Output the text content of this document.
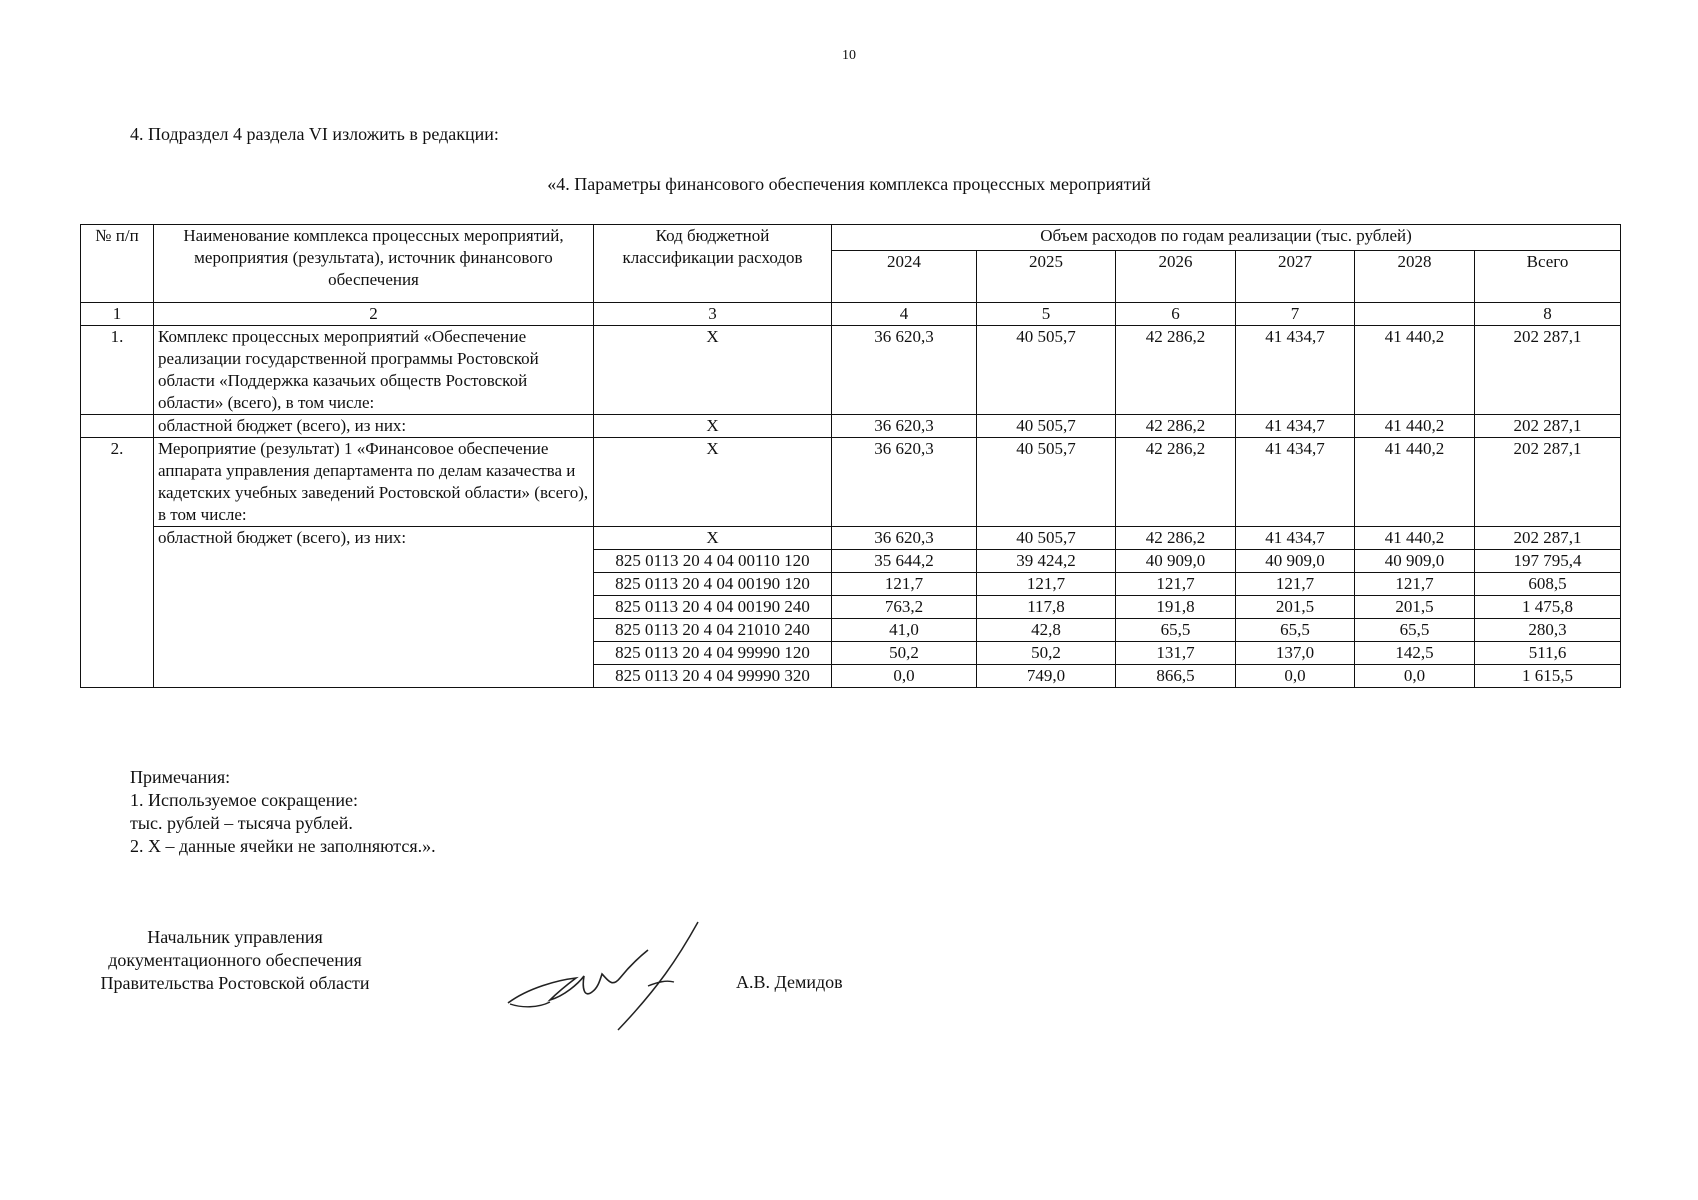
10
4. Подраздел 4 раздела VI изложить в редакции:
«4. Параметры финансового обеспечения комплекса процессных мероприятий
№ п/п	Наименование комплекса процессных мероприятий, мероприятия (результата), источник финансового обеспечения	Код бюджетной классификации расходов	Объем расходов по годам реализации (тыс. рублей)					
			2024	2025	2026	2027	2028	Всего
1	2	3	4	5	6	7		8
1.	Комплекс процессных мероприятий «Обеспечение реализации государственной программы Ростовской области «Поддержка казачьих обществ Ростовской области» (всего), в том числе:	X	36 620,3	40 505,7	42 286,2	41 434,7	41 440,2	202 287,1
	областной бюджет (всего), из них:	X	36 620,3	40 505,7	42 286,2	41 434,7	41 440,2	202 287,1
2.	Мероприятие (результат) 1 «Финансовое обеспечение аппарата управления департамента по делам казачества и кадетских учебных заведений Ростовской области» (всего), в том числе:	X	36 620,3	40 505,7	42 286,2	41 434,7	41 440,2	202 287,1
	областной бюджет (всего), из них:	X	36 620,3	40 505,7	42 286,2	41 434,7	41 440,2	202 287,1
		825 0113 20 4 04 00110 120	35 644,2	39 424,2	40 909,0	40 909,0	40 909,0	197 795,4
		825 0113 20 4 04 00190 120	121,7	121,7	121,7	121,7	121,7	608,5
		825 0113 20 4 04 00190 240	763,2	117,8	191,8	201,5	201,5	1 475,8
		825 0113 20 4 04 21010 240	41,0	42,8	65,5	65,5	65,5	280,3
		825 0113 20 4 04 99990 120	50,2	50,2	131,7	137,0	142,5	511,6
		825 0113 20 4 04 99990 320	0,0	749,0	866,5	0,0	0,0	1 615,5
Примечания:
1. Используемое сокращение:
тыс. рублей – тысяча рублей.
2. X – данные ячейки не заполняются.».
Начальник управления
документационного обеспечения
Правительства Ростовской области	А.В. Демидов
